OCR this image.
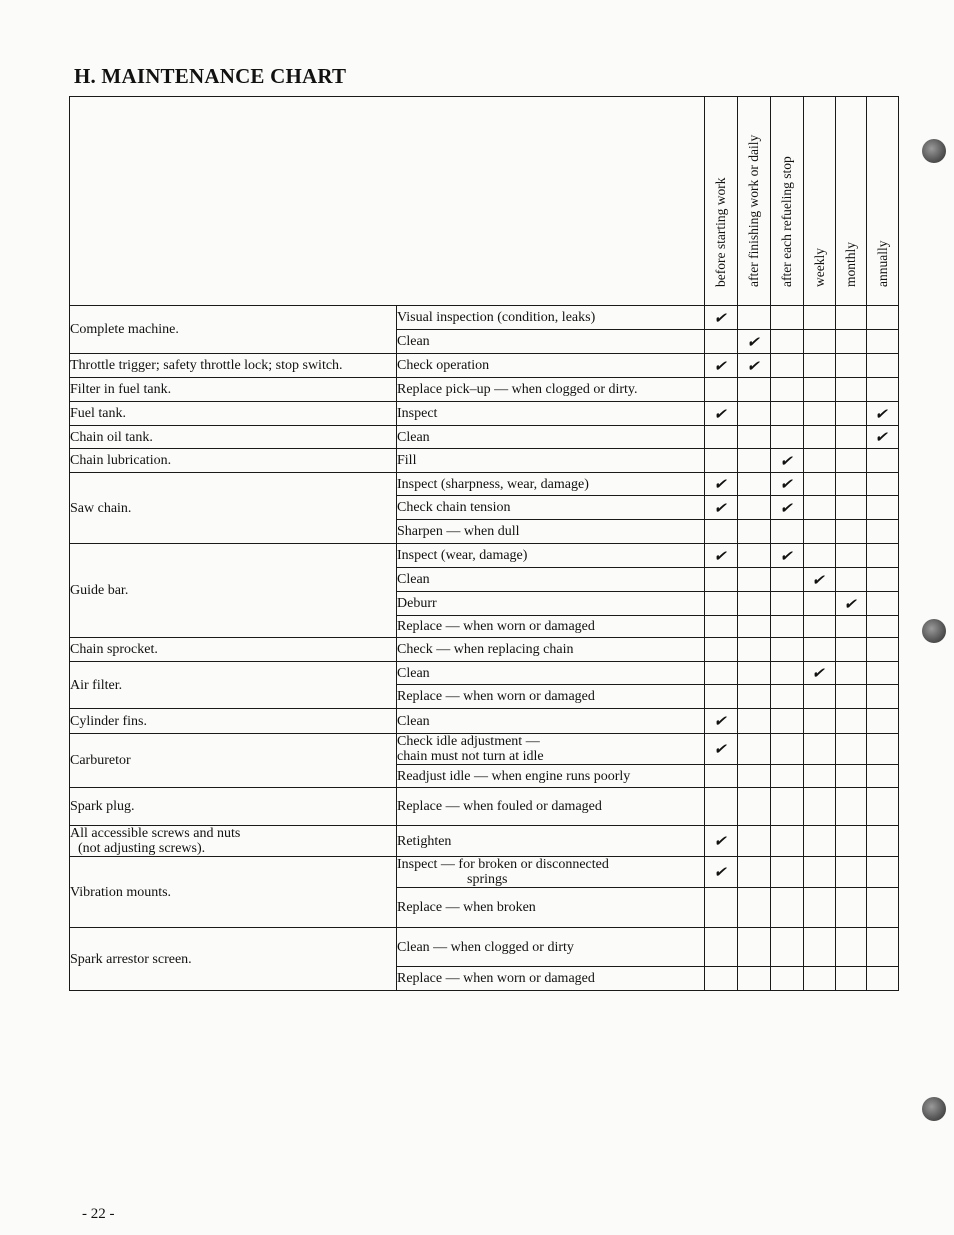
H. MAINTENANCE CHART

		before starting work	after finishing work or daily	after each refueling stop	weekly	monthly	annually

Complete machine.	Visual inspection (condition, leaks)	✔					

	Clean		✔				

Throttle trigger; safety throttle lock; stop switch.	Check operation	✔	✔				

Filter in fuel tank.	Replace pick–up — when clogged or dirty.						

Fuel tank.	Inspect	✔					✔

Chain oil tank.	Clean						✔

Chain lubrication.	Fill			✔			

Saw chain.	Inspect (sharpness, wear, damage)	✔		✔			

	Check chain tension	✔		✔			

	Sharpen — when dull						

Guide bar.	Inspect (wear, damage)	✔		✔			

	Clean				✔		

	Deburr					✔	

	Replace — when worn or damaged						

Chain sprocket.	Check — when replacing chain						

Air filter.	Clean				✔		

	Replace — when worn or damaged						

Cylinder fins.	Clean	✔					

Carburetor	Check idle adjustment —
chain must not turn at idle	✔					

	Readjust idle — when engine runs poorly						

Spark plug.	Replace — when fouled or damaged						

All accessible screws and nuts
(not adjusting screws).	Retighten	✔					

Vibration mounts.	Inspect — for broken or disconnected
springs	✔					

	Replace — when broken						

Spark arrestor screen.	Clean — when clogged or dirty						

	Replace — when worn or damaged						

- 22 -
